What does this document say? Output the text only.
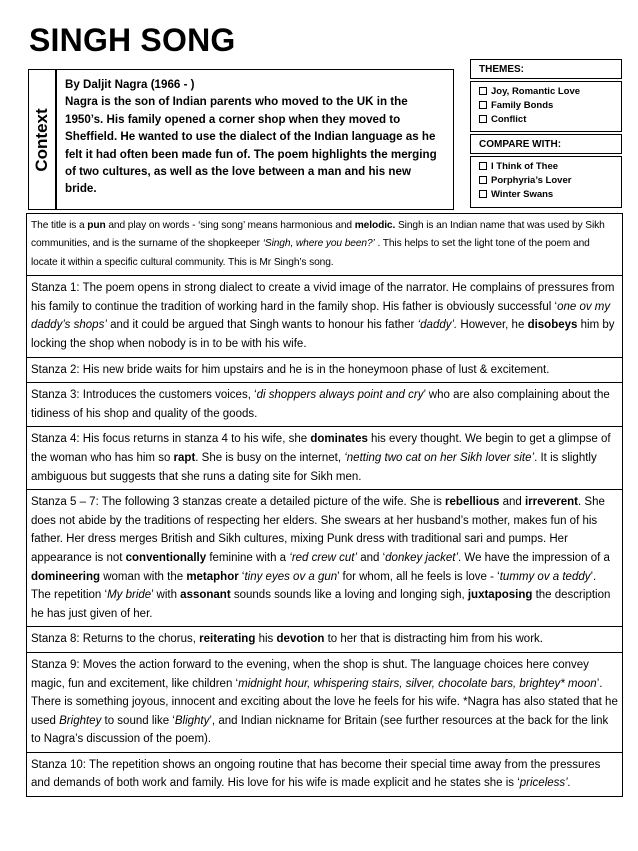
SINGH SONG
Context
By Daljit Nagra (1966 - )
Nagra is the son of Indian parents who moved to the UK in the 1950’s. His family opened a corner shop when they moved to Sheffield. He wanted to use the dialect of the Indian language as he felt it had often been made fun of. The poem highlights the merging of two cultures, as well as the love between a man and his new bride.
THEMES:
Joy, Romantic Love
Family Bonds
Conflict
COMPARE WITH:
I Think of Thee
Porphyria’s Lover
Winter Swans
The title is a pun and play on words - ‘sing song’ means harmonious and melodic. Singh is an Indian name that was used by Sikh communities, and is the surname of the shopkeeper ‘Singh, where you been?’ . This helps to set the light tone of the poem and locate it within a specific cultural community. This is Mr Singh’s song.
Stanza 1: The poem opens in strong dialect to create a vivid image of the narrator. He complains of pressures from his family to continue the tradition of working hard in the family shop. His father is obviously successful ‘one ov my daddy’s shops’ and it could be argued that Singh wants to honour his father ‘daddy’. However, he disobeys him by locking the shop when nobody is in to be with his wife.
Stanza 2: His new bride waits for him upstairs and he is in the honeymoon phase of lust & excitement.
Stanza 3: Introduces the customers voices, ‘di shoppers always point and cry’ who are also complaining about the tidiness of his shop and quality of the goods.
Stanza 4: His focus returns in stanza 4 to his wife, she dominates his every thought. We begin to get a glimpse of the woman who has him so rapt. She is busy on the internet, ‘netting two cat on her Sikh lover site’. It is slightly ambiguous but suggests that she runs a dating site for Sikh men.
Stanza 5 – 7: The following 3 stanzas create a detailed picture of the wife. She is rebellious and irreverent. She does not abide by the traditions of respecting her elders. She swears at her husband’s mother, makes fun of his father. Her dress merges British and Sikh cultures, mixing Punk dress with traditional sari and pumps. Her appearance is not conventionally feminine with a ‘red crew cut’ and ‘donkey jacket’. We have the impression of a domineering woman with the metaphor ‘tiny eyes ov a gun’ for whom, all he feels is love - ‘tummy ov a teddy’. The repetition ‘My bride’ with assonant sounds sounds like a loving and longing sigh, juxtaposing the description he has just given of her.
Stanza 8: Returns to the chorus, reiterating his devotion to her that is distracting him from his work.
Stanza 9: Moves the action forward to the evening, when the shop is shut. The language choices here convey magic, fun and excitement, like children ‘midnight hour, whispering stairs, silver, chocolate bars, brightey* moon’. There is something joyous, innocent and exciting about the love he feels for his wife. *Nagra has also stated that he used Brightey to sound like ‘Blighty’, and Indian nickname for Britain (see further resources at the back for the link to Nagra’s discussion of the poem).
Stanza 10: The repetition shows an ongoing routine that has become their special time away from the pressures and demands of both work and family. His love for his wife is made explicit and he states she is ‘priceless’.
